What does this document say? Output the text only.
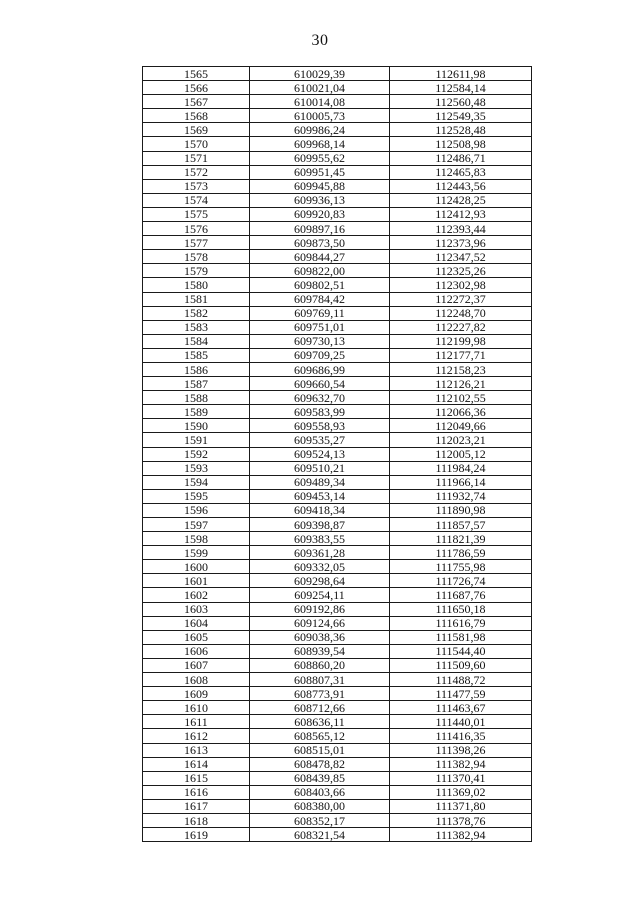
30
1565	610029,39	112611,98
1566	610021,04	112584,14
1567	610014,08	112560,48
1568	610005,73	112549,35
1569	609986,24	112528,48
1570	609968,14	112508,98
1571	609955,62	112486,71
1572	609951,45	112465,83
1573	609945,88	112443,56
1574	609936,13	112428,25
1575	609920,83	112412,93
1576	609897,16	112393,44
1577	609873,50	112373,96
1578	609844,27	112347,52
1579	609822,00	112325,26
1580	609802,51	112302,98
1581	609784,42	112272,37
1582	609769,11	112248,70
1583	609751,01	112227,82
1584	609730,13	112199,98
1585	609709,25	112177,71
1586	609686,99	112158,23
1587	609660,54	112126,21
1588	609632,70	112102,55
1589	609583,99	112066,36
1590	609558,93	112049,66
1591	609535,27	112023,21
1592	609524,13	112005,12
1593	609510,21	111984,24
1594	609489,34	111966,14
1595	609453,14	111932,74
1596	609418,34	111890,98
1597	609398,87	111857,57
1598	609383,55	111821,39
1599	609361,28	111786,59
1600	609332,05	111755,98
1601	609298,64	111726,74
1602	609254,11	111687,76
1603	609192,86	111650,18
1604	609124,66	111616,79
1605	609038,36	111581,98
1606	608939,54	111544,40
1607	608860,20	111509,60
1608	608807,31	111488,72
1609	608773,91	111477,59
1610	608712,66	111463,67
1611	608636,11	111440,01
1612	608565,12	111416,35
1613	608515,01	111398,26
1614	608478,82	111382,94
1615	608439,85	111370,41
1616	608403,66	111369,02
1617	608380,00	111371,80
1618	608352,17	111378,76
1619	608321,54	111382,94
